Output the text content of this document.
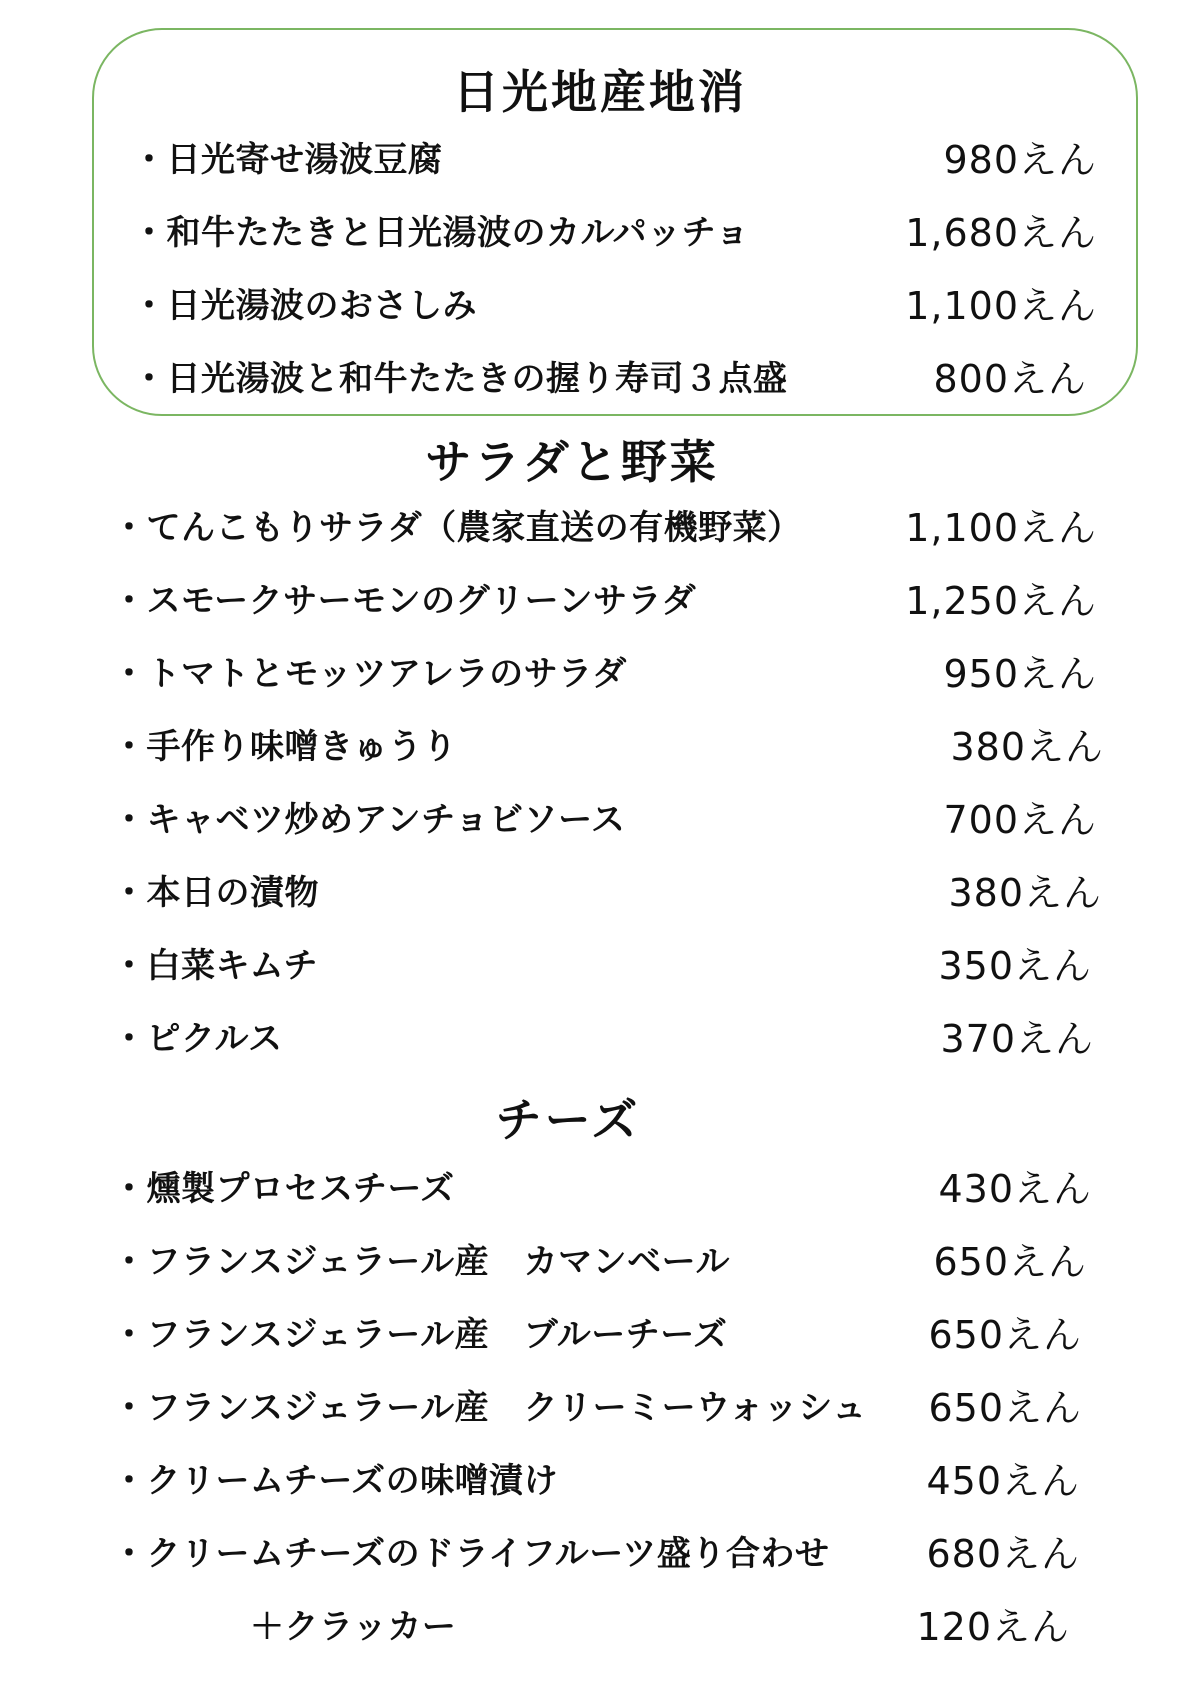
日光地産地消
・日光寄せ湯波豆腐	980えん
・和牛たたきと日光湯波のカルパッチョ	1,680えん
・日光湯波のおさしみ	1,100えん
・日光湯波と和牛たたきの握り寿司３点盛	800えん
サラダと野菜
・てんこもりサラダ（農家直送の有機野菜）	1,100えん
・スモークサーモンのグリーンサラダ	1,250えん
・トマトとモッツアレラのサラダ	950えん
・手作り味噌きゅうり	380えん
・キャベツ炒めアンチョビソース	700えん
・本日の漬物	380えん
・白菜キムチ	350えん
・ピクルス	370えん
チーズ
・燻製プロセスチーズ	430えん
・フランスジェラール産　カマンベール	650えん
・フランスジェラール産　ブルーチーズ	650えん
・フランスジェラール産　クリーミーウォッシュ 650えん
・クリームチーズの味噌漬け	450えん
・クリームチーズのドライフルーツ盛り合わせ	680えん
＋クラッカー	120えん
